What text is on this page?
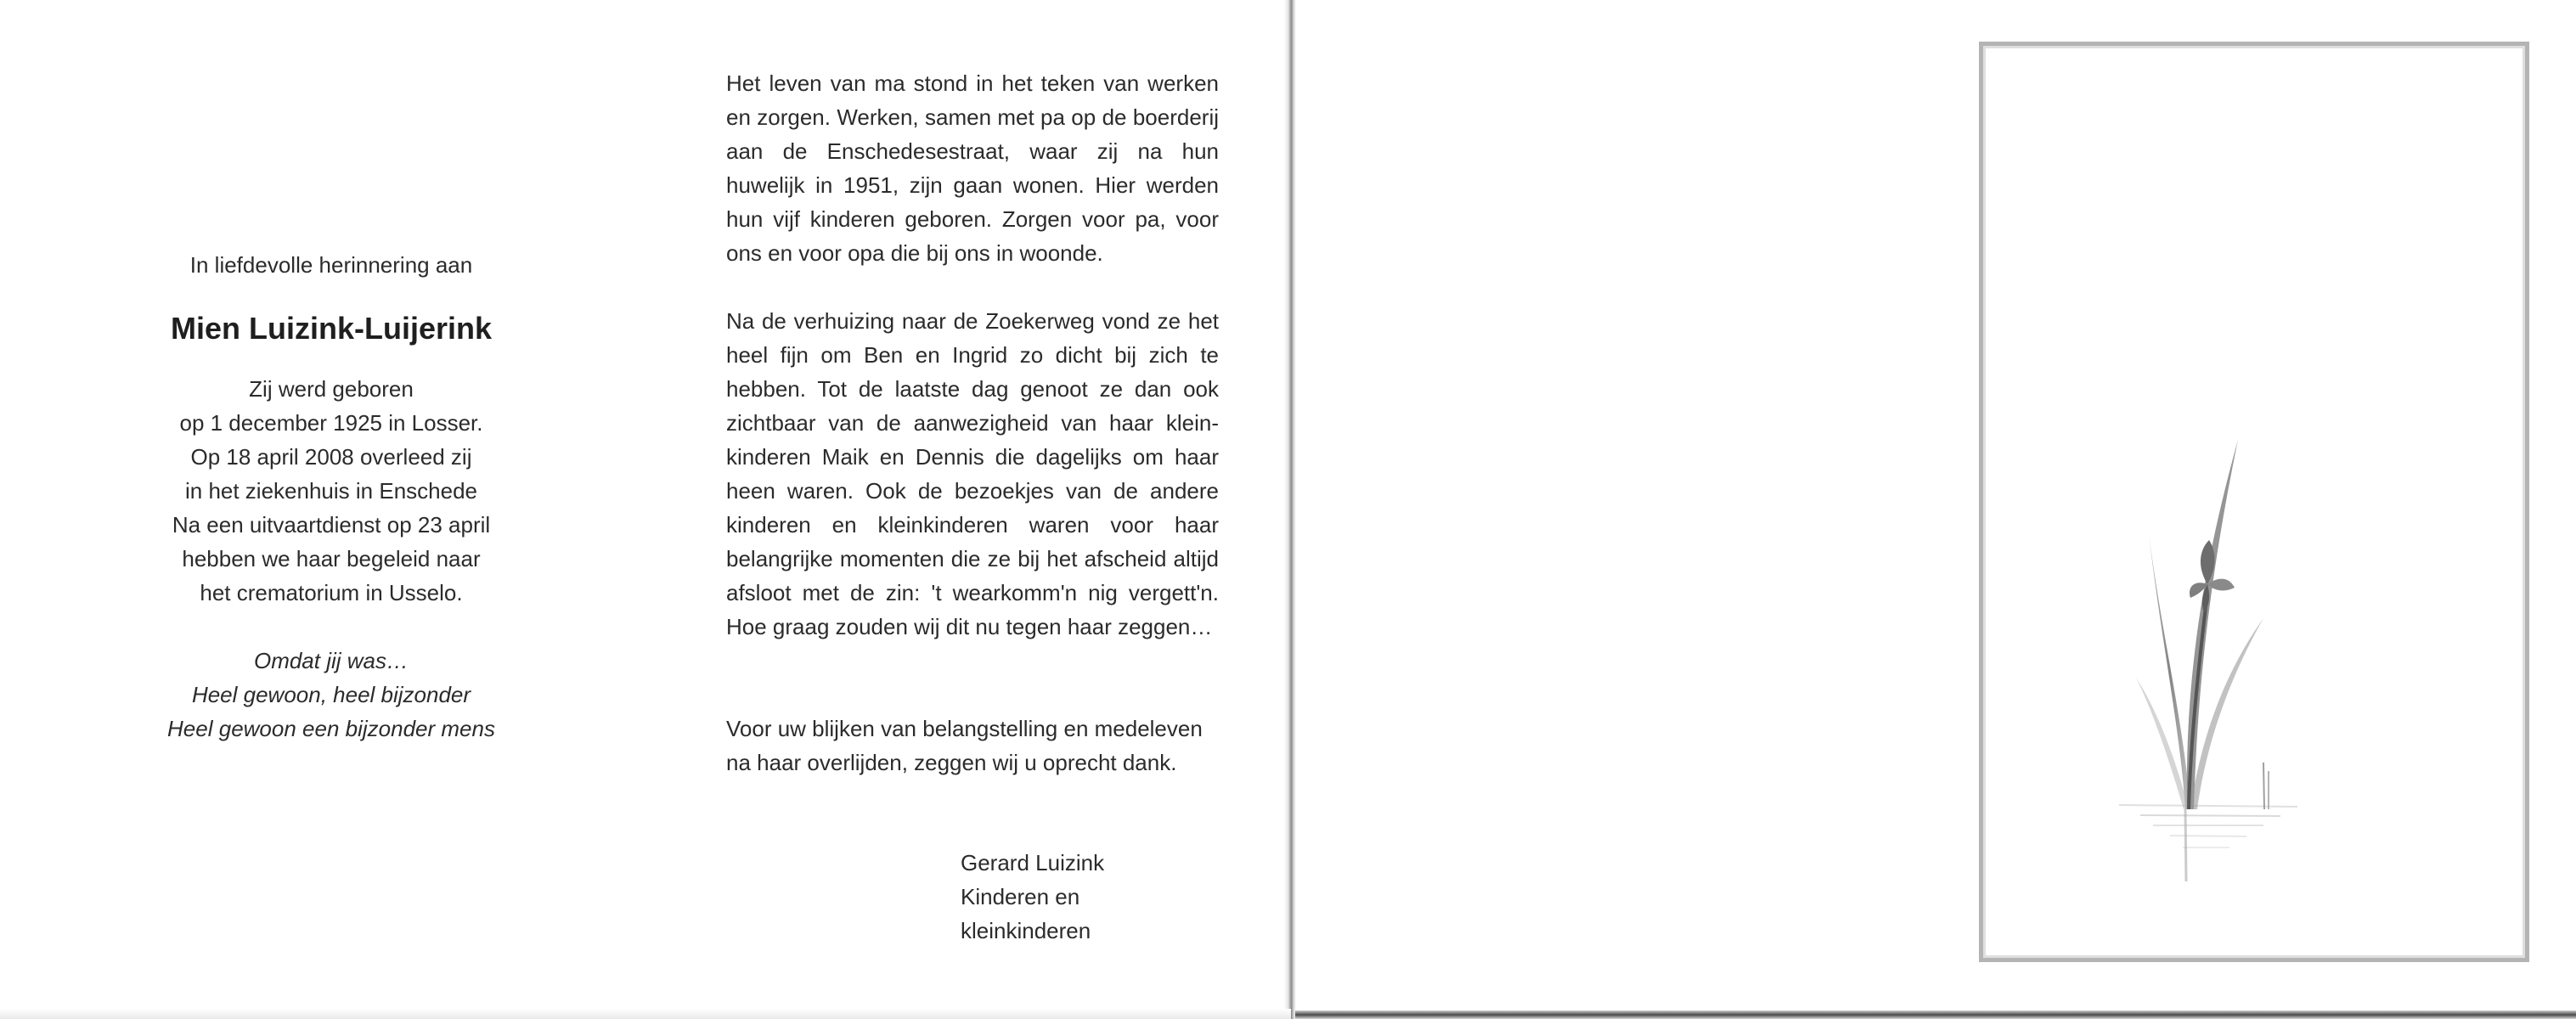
In liefdevolle herinnering aan

Mien Luizink-Luijerink
Zij werd geboren
op 1 december 1925 in Losser.
Op 18 april 2008 overleed zij
in het ziekenhuis in Enschede
Na een uitvaartdienst op 23 april
hebben we haar begeleid naar
het crematorium in Usselo.
Omdat jij was…
Heel gewoon, heel bijzonder
Heel gewoon een bijzonder mens

Het leven van ma stond in het teken van werken en zorgen. Werken, samen met pa op de boerderij aan de Enschedesestraat, waar zij na hun huwelijk in 1951, zijn gaan wonen. Hier werden hun vijf kinderen geboren. Zorgen voor pa, voor ons en voor opa die bij ons in woonde.

Na de verhuizing naar de Zoekerweg vond ze het heel fijn om Ben en Ingrid zo dicht bij zich te hebben. Tot de laatste dag genoot ze dan ook zichtbaar van de aanwezigheid van haar kleinkinderen Maik en Dennis die dagelijks om haar heen waren. Ook de bezoekjes van de andere kinderen en kleinkinderen waren voor haar belangrijke momenten die ze bij het afscheid altijd afsloot met de zin: 't wearkomm'n nig vergett'n. Hoe graag zouden wij dit nu tegen haar zeggen…

Voor uw blijken van belangstelling en medeleven na haar overlijden, zeggen wij u oprecht dank.

Gerard Luizink
Kinderen en
kleinkinderen
